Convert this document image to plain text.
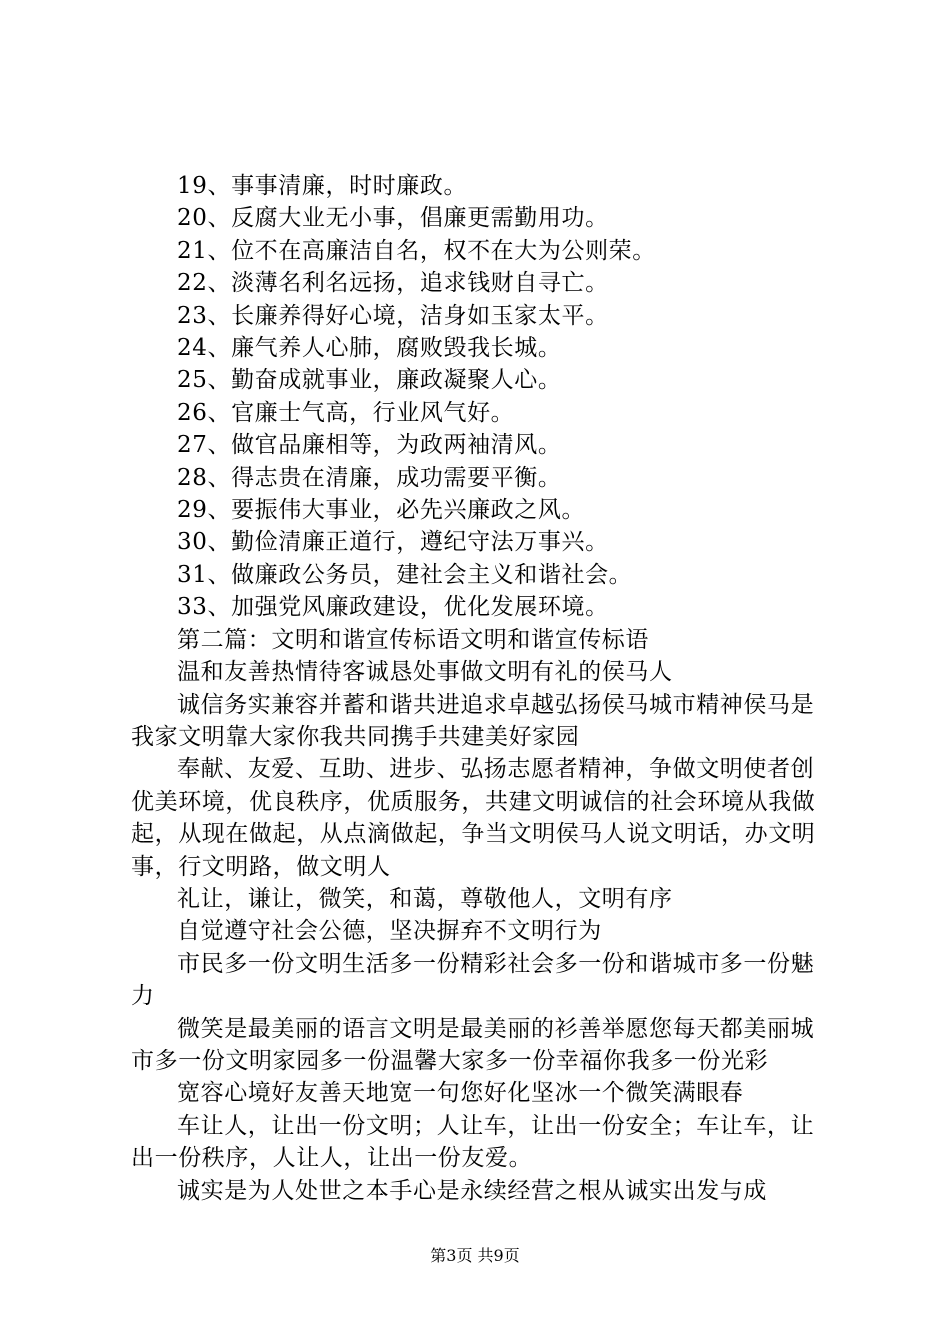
19、事事清廉，时时廉政。

20、反腐大业无小事，倡廉更需勤用功。

21、位不在高廉洁自名，权不在大为公则荣。

22、淡薄名利名远扬，追求钱财自寻亡。

23、长廉养得好心境，洁身如玉家太平。

24、廉气养人心肺，腐败毁我长城。

25、勤奋成就事业，廉政凝聚人心。

26、官廉士气高，行业风气好。

27、做官品廉相等，为政两袖清风。

28、得志贵在清廉，成功需要平衡。

29、要振伟大事业，必先兴廉政之风。

30、勤俭清廉正道行，遵纪守法万事兴。

31、做廉政公务员，建社会主义和谐社会。

33、加强党风廉政建设，优化发展环境。

第二篇：文明和谐宣传标语文明和谐宣传标语

温和友善热情待客诚恳处事做文明有礼的侯马人

诚信务实兼容并蓄和谐共进追求卓越弘扬侯马城市精神侯马是我家文明靠大家你我共同携手共建美好家园

奉献、友爱、互助、进步、弘扬志愿者精神，争做文明使者创优美环境，优良秩序，优质服务，共建文明诚信的社会环境从我做起，从现在做起，从点滴做起，争当文明侯马人说文明话，办文明事，行文明路，做文明人

礼让，谦让，微笑，和蔼，尊敬他人，文明有序

自觉遵守社会公德，坚决摒弃不文明行为

市民多一份文明生活多一份精彩社会多一份和谐城市多一份魅力

微笑是最美丽的语言文明是最美丽的衫善举愿您每天都美丽城市多一份文明家园多一份温馨大家多一份幸福你我多一份光彩

宽容心境好友善天地宽一句您好化坚冰一个微笑满眼春

车让人，让出一份文明；人让车，让出一份安全；车让车，让出一份秩序，人让人，让出一份友爱。

诚实是为人处世之本手心是永续经营之根从诚实出发与成

第3页 共9页
